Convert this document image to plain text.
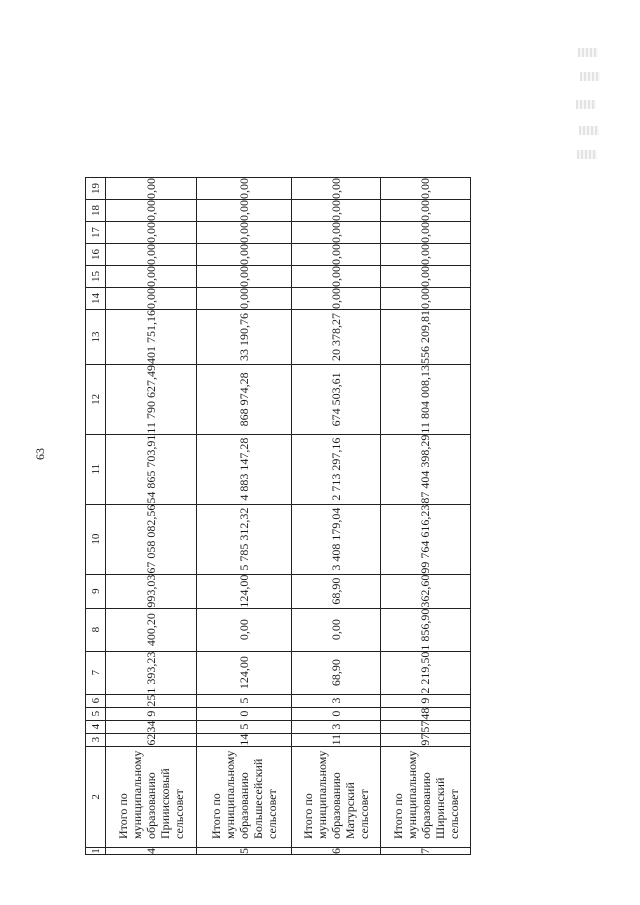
63
1	2	3	4	5	6	7	8	9	10	11	12	13	14	15	16	17	18	19
4	Итого по муниципальному образованию Прииисковый сельсовет	62	34	9	25	1 393,23	400,20	993,03	67 058 082,56	54 865 703,91	11 790 627,49	401 751,16	0,00	0,00	0,00	0,00	0,00	0,00
5	Итого по муниципальному образованию Большесейский сельсовет	14	5	0	5	124,00	0,00	124,00	5 785 312,32	4 883 147,28	868 974,28	33 190,76	0,00	0,00	0,00	0,00	0,00	0,00
6	Итого по муниципальному образованию Матурский сельсовет	11	3	0	3	68,90	0,00	68,90	3 408 179,04	2 713 297,16	674 503,61	20 378,27	0,00	0,00	0,00	0,00	0,00	0,00
7	Итого по муниципальному образованию Ширинский сельсовет	97	57	48	9	2 219,50	1 856,90	362,60	99 764 616,23	87 404 398,29	11 804 008,13	556 209,81	0,00	0,00	0,00	0,00	0,00	0,00
